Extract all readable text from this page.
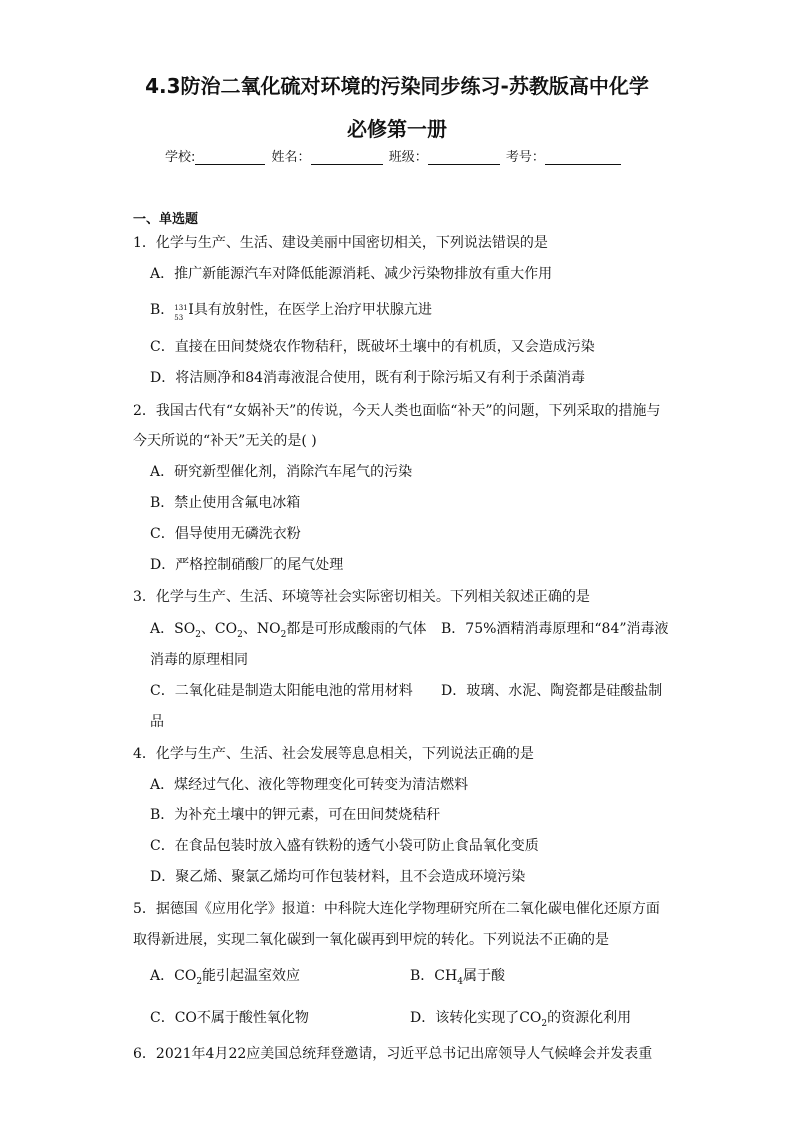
4.3防治二氧化硫对环境的污染同步练习-苏教版高中化学
必修第一册
学校:	姓名：	班级：	考号：
一、单选题
1．化学与生产、生活、建设美丽中国密切相关，下列说法错误的是
A．推广新能源汽车对降低能源消耗、减少污染物排放有重大作用
B． 131
53 I具有放射性，在医学上治疗甲状腺亢进
C．直接在田间焚烧农作物秸秆，既破坏土壤中的有机质，又会造成污染
D．将洁厕净和84消毒液混合使用，既有利于除污垢又有利于杀菌消毒
2．我国古代有“女娲补天”的传说，今天人类也面临“补天”的问题，下列采取的措施与
今天所说的“补天”无关的是( )
A．研究新型催化剂，消除汽车尾气的污染
B．禁止使用含氟电冰箱
C．倡导使用无磷洗衣粉
D．严格控制硝酸厂的尾气处理
3．化学与生产、生活、环境等社会实际密切相关。下列相关叙述正确的是
A．$SO_2$、$CO_2$、$NO_2$都是可形成酸雨的气体 B．75%酒精消毒原理和“84”消毒液
消毒的原理相同
C．二氧化硅是制造太阳能电池的常用材料 D．玻璃、水泥、陶瓷都是硅酸盐制
品
4．化学与生产、生活、社会发展等息息相关，下列说法正确的是
A．煤经过气化、液化等物理变化可转变为清洁燃料
B．为补充土壤中的钾元素，可在田间焚烧秸秆
C．在食品包装时放入盛有铁粉的透气小袋可防止食品氧化变质
D．聚乙烯、聚氯乙烯均可作包装材料，且不会造成环境污染
5．据德国《应用化学》报道：中科院大连化学物理研究所在二氧化碳电催化还原方面
取得新进展，实现二氧化碳到一氧化碳再到甲烷的转化。下列说法不正确的是
A．$CO_2$能引起温室效应	B．$CH_4$属于酸
C．CO不属于酸性氧化物	D．该转化实现了$CO_2$的资源化利用
6．2021年4月22应美国总统拜登邀请，习近平总书记出席领导人气候峰会并发表重
